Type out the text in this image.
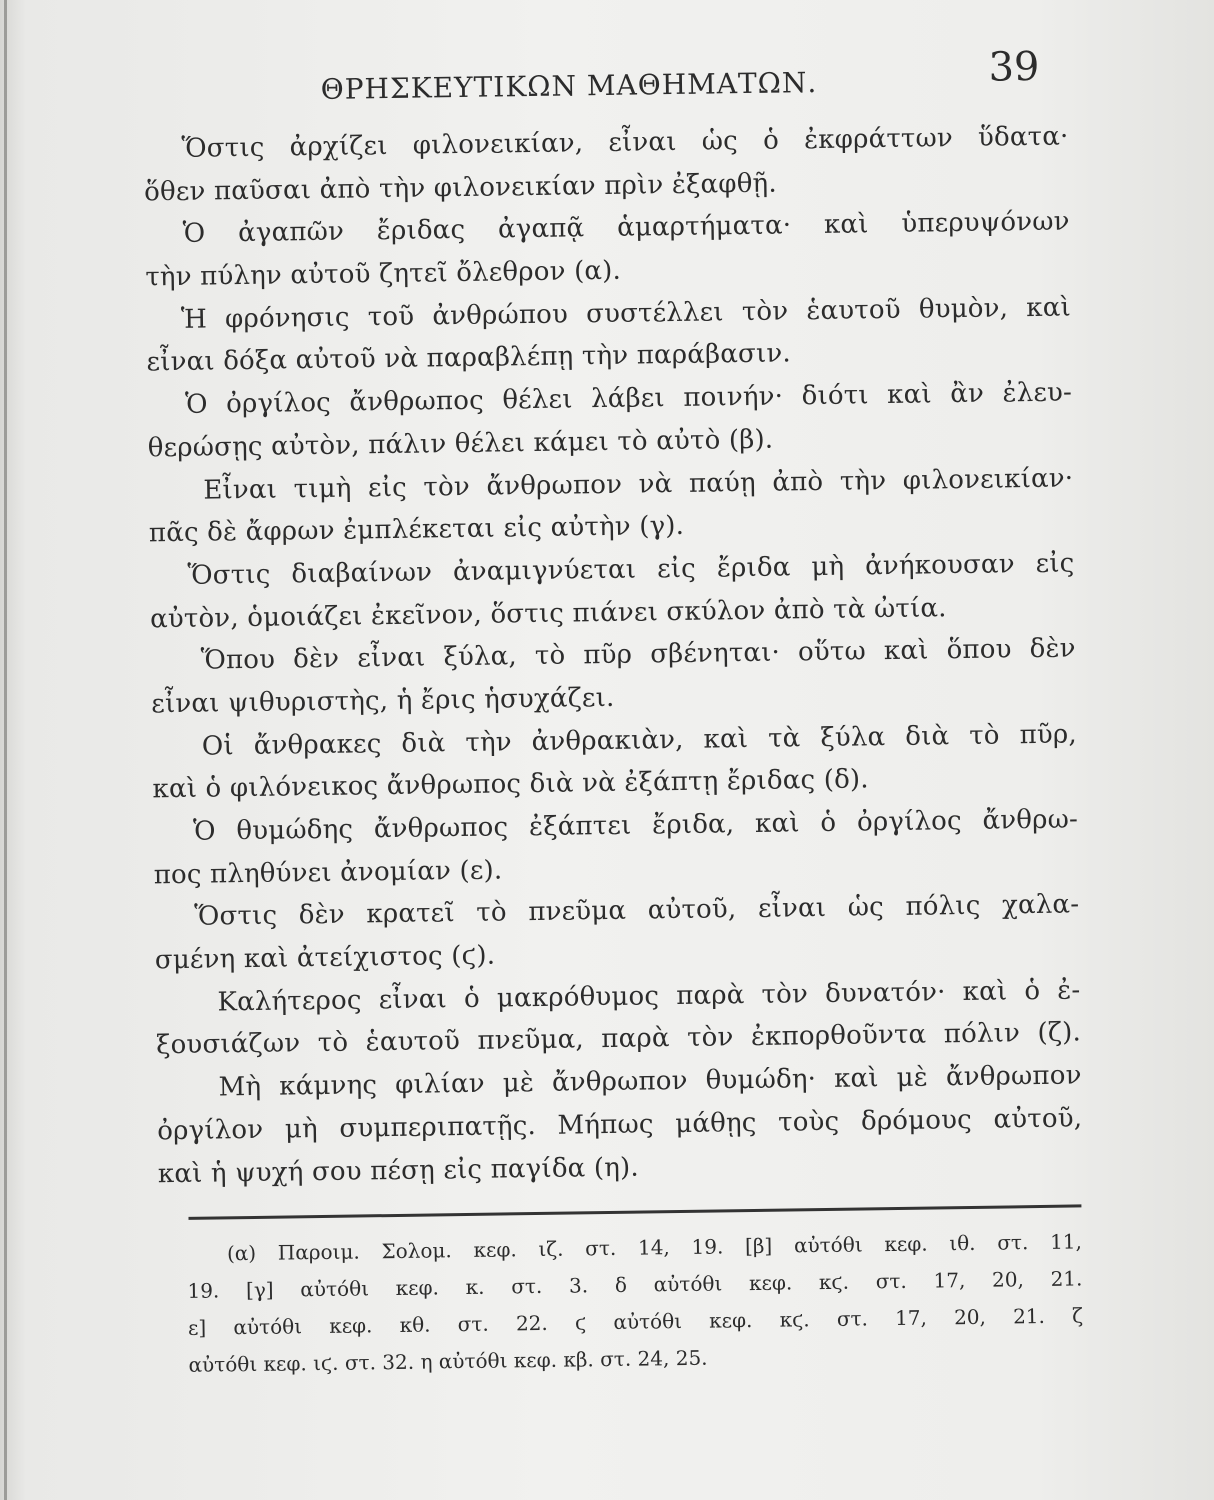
ΘΡΗΣΚΕΥΤΙΚΩΝ ΜΑΘΗΜΑΤΩΝ.	39
Ὅστις ἀρχίζει φιλονεικίαν, εἶναι ὡς ὁ ἐκφράττων ὕδατα·
ὅθεν παῦσαι ἀπὸ τὴν φιλονεικίαν πρὶν ἐξαφθῇ.
Ὁ ἀγαπῶν ἔριδας ἀγαπᾷ ἁμαρτήματα· καὶ ὑπερυψόνων
τὴν πύλην αὐτοῦ ζητεῖ ὄλεθρον (α).
Ἡ φρόνησις τοῦ ἀνθρώπου συστέλλει τὸν ἑαυτοῦ θυμὸν, καὶ
εἶναι δόξα αὐτοῦ νὰ παραβλέπῃ τὴν παράβασιν.
Ὁ ὀργίλος ἄνθρωπος θέλει λάβει ποινήν· διότι καὶ ἂν ἐλευ-
θερώσῃς αὐτὸν, πάλιν θέλει κάμει τὸ αὐτὸ (β).
Εἶναι τιμὴ εἰς τὸν ἄνθρωπον νὰ παύῃ ἀπὸ τὴν φιλονεικίαν·
πᾶς δὲ ἄφρων ἐμπλέκεται εἰς αὐτὴν (γ).
Ὅστις διαβαίνων ἀναμιγνύεται εἰς ἔριδα μὴ ἀνήκουσαν εἰς
αὐτὸν, ὁμοιάζει ἐκεῖνον, ὅστις πιάνει σκύλον ἀπὸ τὰ ὠτία.
Ὅπου δὲν εἶναι ξύλα, τὸ πῦρ σβένηται· οὕτω καὶ ὅπου δὲν
εἶναι ψιθυριστὴς, ἡ ἔρις ἡσυχάζει.
Οἱ ἄνθρακες διὰ τὴν ἀνθρακιὰν, καὶ τὰ ξύλα διὰ τὸ πῦρ,
καὶ ὁ φιλόνεικος ἄνθρωπος διὰ νὰ ἐξάπτῃ ἔριδας (δ).
Ὁ θυμώδης ἄνθρωπος ἐξάπτει ἔριδα, καὶ ὁ ὀργίλος ἄνθρω-
πος πληθύνει ἀνομίαν (ε).
Ὅστις δὲν κρατεῖ τὸ πνεῦμα αὐτοῦ, εἶναι ὡς πόλις χαλα-
σμένη καὶ ἀτείχιστος (ϛ).
Καλήτερος εἶναι ὁ μακρόθυμος παρὰ τὸν δυνατόν· καὶ ὁ ἐ-
ξουσιάζων τὸ ἑαυτοῦ πνεῦμα, παρὰ τὸν ἐκπορθοῦντα πόλιν (ζ).
Μὴ κάμνης φιλίαν μὲ ἄνθρωπον θυμώδη· καὶ μὲ ἄνθρωπον
ὀργίλον μὴ συμπεριπατῇς. Μήπως μάθῃς τοὺς δρόμους αὐτοῦ,
καὶ ἡ ψυχή σου πέσῃ εἰς παγίδα (η).
(α) Παροιμ. Σολομ. κεφ. ιζ. στ. 14, 19. [β] αὐτόθι κεφ. ιθ. στ. 11,
19. [γ] αὐτόθι κεφ. κ. στ. 3. δ αὐτόθι κεφ. κϛ. στ. 17, 20, 21.
ε] αὐτόθι κεφ. κθ. στ. 22. ϛ αὐτόθι κεφ. κϛ. στ. 17, 20, 21. ζ
αὐτόθι κεφ. ιϛ. στ. 32. η αὐτόθι κεφ. κβ. στ. 24, 25.
